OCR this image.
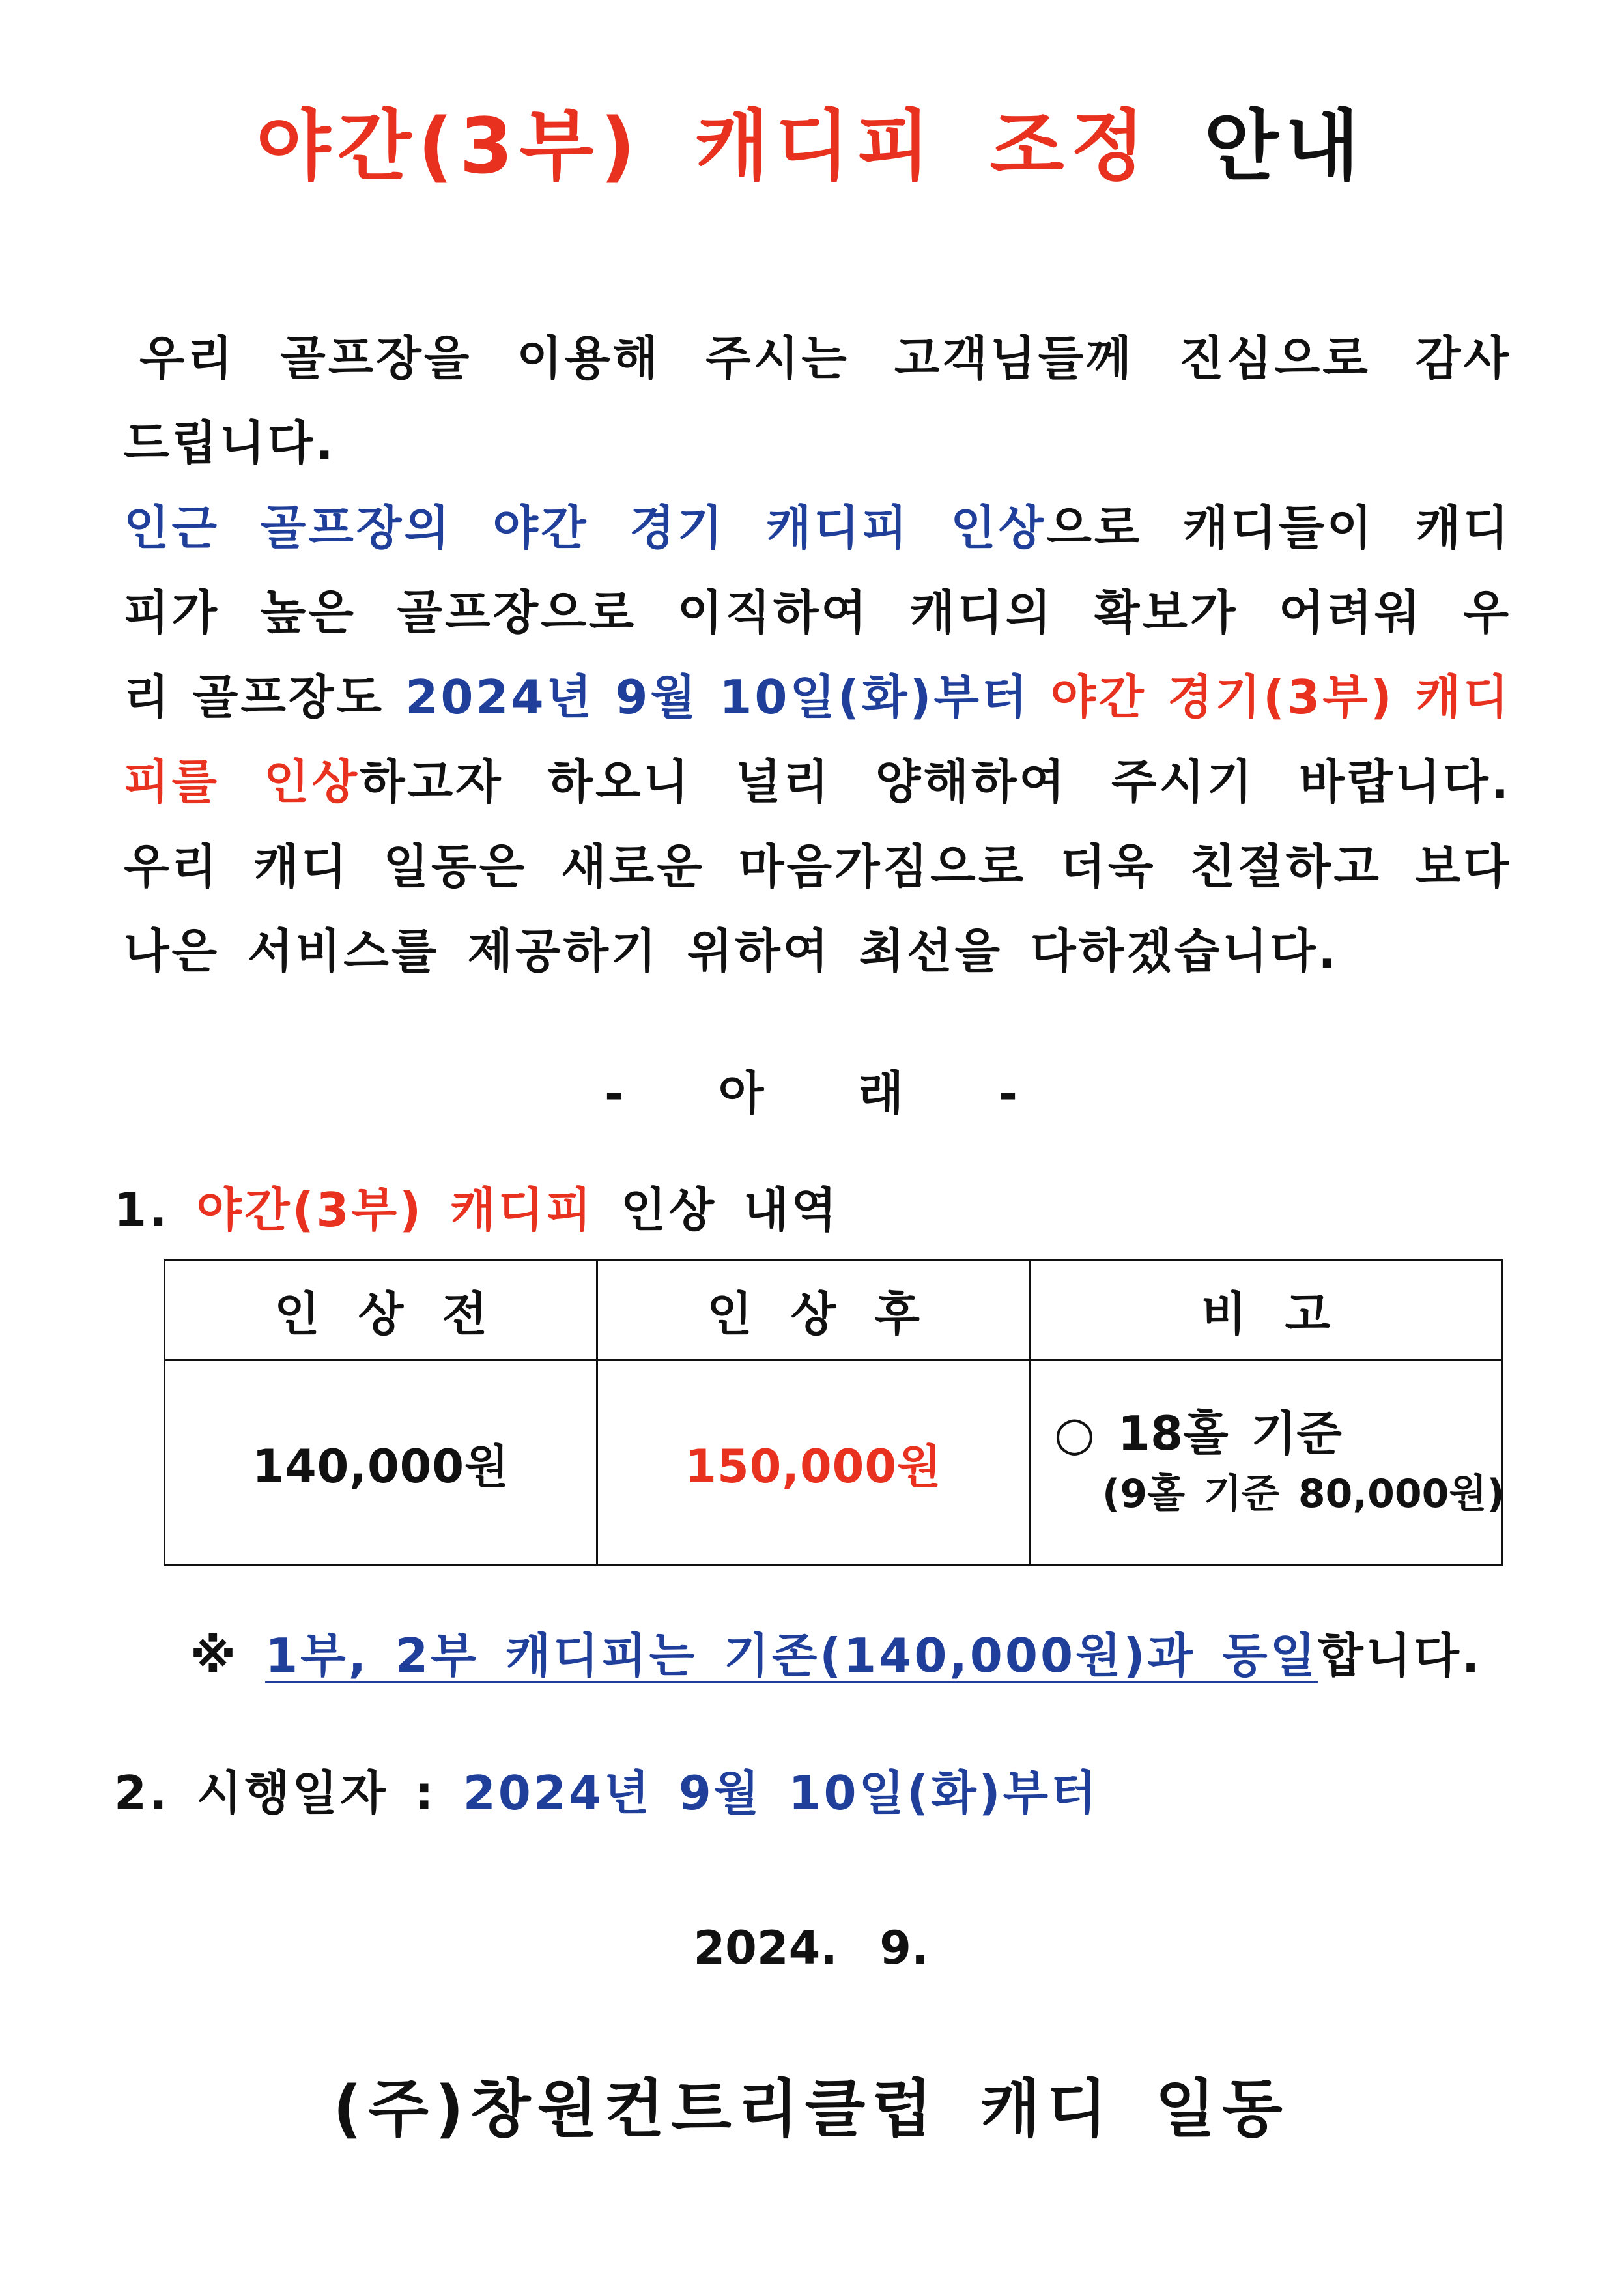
야간(3부) 캐디피 조정 안내
우리 골프장을 이용해 주시는 고객님들께 진심으로 감사
드립니다.
인근 골프장의 야간 경기 캐디피 인상으로 캐디들이 캐디
피가 높은 골프장으로 이직하여 캐디의 확보가 어려워 우
리 골프장도 2024년 9월 10일(화)부터 야간 경기(3부) 캐디
피를 인상하고자 하오니 널리 양해하여 주시기 바랍니다.
우리 캐디 일동은 새로운 마음가짐으로 더욱 친절하고 보다
나은 서비스를 제공하기 위하여 최선을 다하겠습니다.
- 아 래 -
1. 야간(3부) 캐디피 인상 내역
인 상 전	인 상 후	비 고
140,000원	150,000원	○ 18홀 기준
(9홀 기준 80,000원)
※ 1부, 2부 캐디피는 기존(140,000원)과 동일합니다.
2. 시행일자 : 2024년 9월 10일(화)부터
2024. 9.
(주)창원컨트리클럽 캐디 일동
